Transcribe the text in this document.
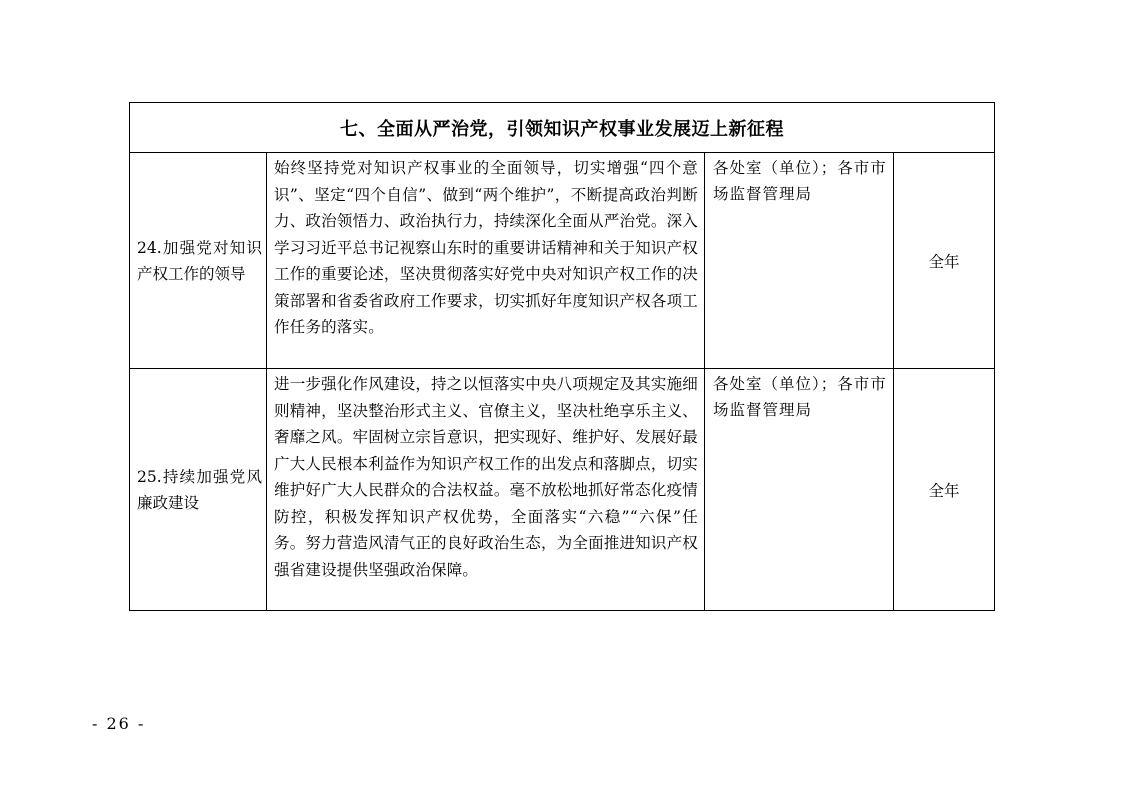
七、全面从严治党，引领知识产权事业发展迈上新征程			
24.加强党对知识产权工作的领导	始终坚持党对知识产权事业的全面领导，切实增强“四个意识”、坚定“四个自信”、做到“两个维护”，不断提高政治判断力、政治领悟力、政治执行力，持续深化全面从严治党。深入学习习近平总书记视察山东时的重要讲话精神和关于知识产权工作的重要论述，坚决贯彻落实好党中央对知识产权工作的决策部署和省委省政府工作要求，切实抓好年度知识产权各项工作任务的落实。	各处室（单位）；各市市场监督管理局	全年
25.持续加强党风廉政建设	进一步强化作风建设，持之以恒落实中央八项规定及其实施细则精神，坚决整治形式主义、官僚主义，坚决杜绝享乐主义、奢靡之风。牢固树立宗旨意识，把实现好、维护好、发展好最广大人民根本利益作为知识产权工作的出发点和落脚点，切实维护好广大人民群众的合法权益。毫不放松地抓好常态化疫情防控，积极发挥知识产权优势，全面落实“六稳”“六保”任务。努力营造风清气正的良好政治生态，为全面推进知识产权强省建设提供坚强政治保障。	各处室（单位）；各市市场监督管理局	全年
- 26 -
